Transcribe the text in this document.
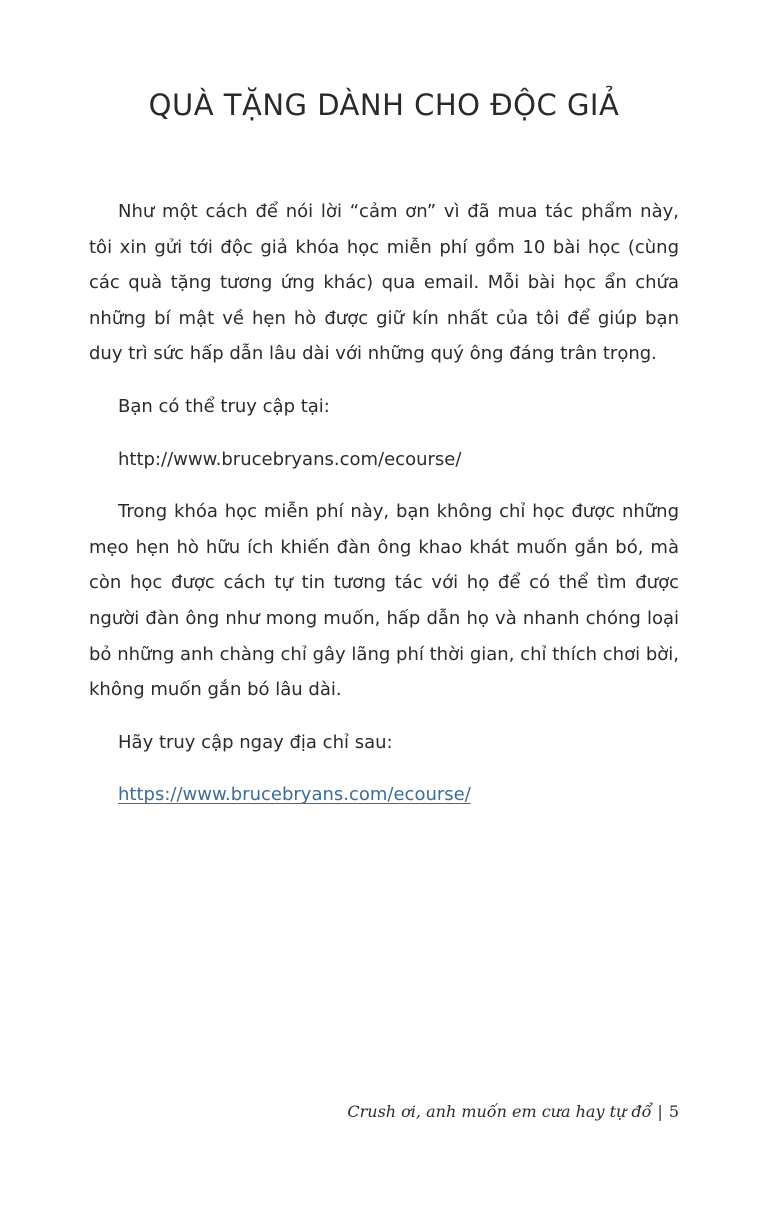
QUÀ TẶNG DÀNH CHO ĐỘC GIẢ

Như một cách để nói lời “cảm ơn” vì đã mua tác phẩm này, tôi xin gửi tới độc giả khóa học miễn phí gồm 10 bài học (cùng các quà tặng tương ứng khác) qua email. Mỗi bài học ẩn chứa những bí mật về hẹn hò được giữ kín nhất của tôi để giúp bạn duy trì sức hấp dẫn lâu dài với những quý ông đáng trân trọng.

Bạn có thể truy cập tại:

http://www.brucebryans.com/ecourse/

Trong khóa học miễn phí này, bạn không chỉ học được những mẹo hẹn hò hữu ích khiến đàn ông khao khát muốn gắn bó, mà còn học được cách tự tin tương tác với họ để có thể tìm được người đàn ông như mong muốn, hấp dẫn họ và nhanh chóng loại bỏ những anh chàng chỉ gây lãng phí thời gian, chỉ thích chơi bời, không muốn gắn bó lâu dài.

Hãy truy cập ngay địa chỉ sau:

https://www.brucebryans.com/ecourse/

Crush ơi, anh muốn em cưa hay tự đổ | 5
